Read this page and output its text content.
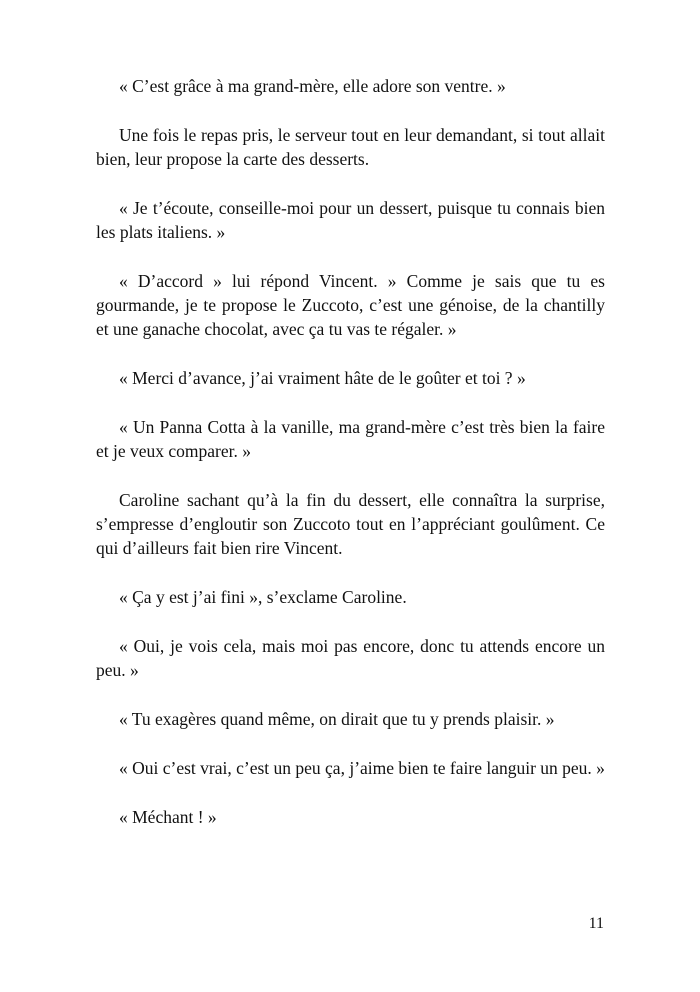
« C’est grâce à ma grand-mère, elle adore son ventre. »

Une fois le repas pris, le serveur tout en leur demandant, si tout allait bien, leur propose la carte des desserts.

« Je t’écoute, conseille-moi pour un dessert, puisque tu connais bien les plats italiens. »

« D’accord » lui répond Vincent. » Comme je sais que tu es gourmande, je te propose le Zuccoto, c’est une génoise, de la chantilly et une ganache chocolat, avec ça tu vas te régaler. »

« Merci d’avance, j’ai vraiment hâte de le goûter et toi ? »

« Un Panna Cotta à la vanille, ma grand-mère c’est très bien la faire et je veux comparer. »

Caroline sachant qu’à la fin du dessert, elle connaîtra la surprise, s’empresse d’engloutir son Zuccoto tout en l’appréciant goulûment. Ce qui d’ailleurs fait bien rire Vincent.

« Ça y est j’ai fini », s’exclame Caroline.

« Oui, je vois cela, mais moi pas encore, donc tu attends encore un peu. »

« Tu exagères quand même, on dirait que tu y prends plaisir. »

« Oui c’est vrai, c’est un peu ça, j’aime bien te faire languir un peu. »

« Méchant ! »

11
